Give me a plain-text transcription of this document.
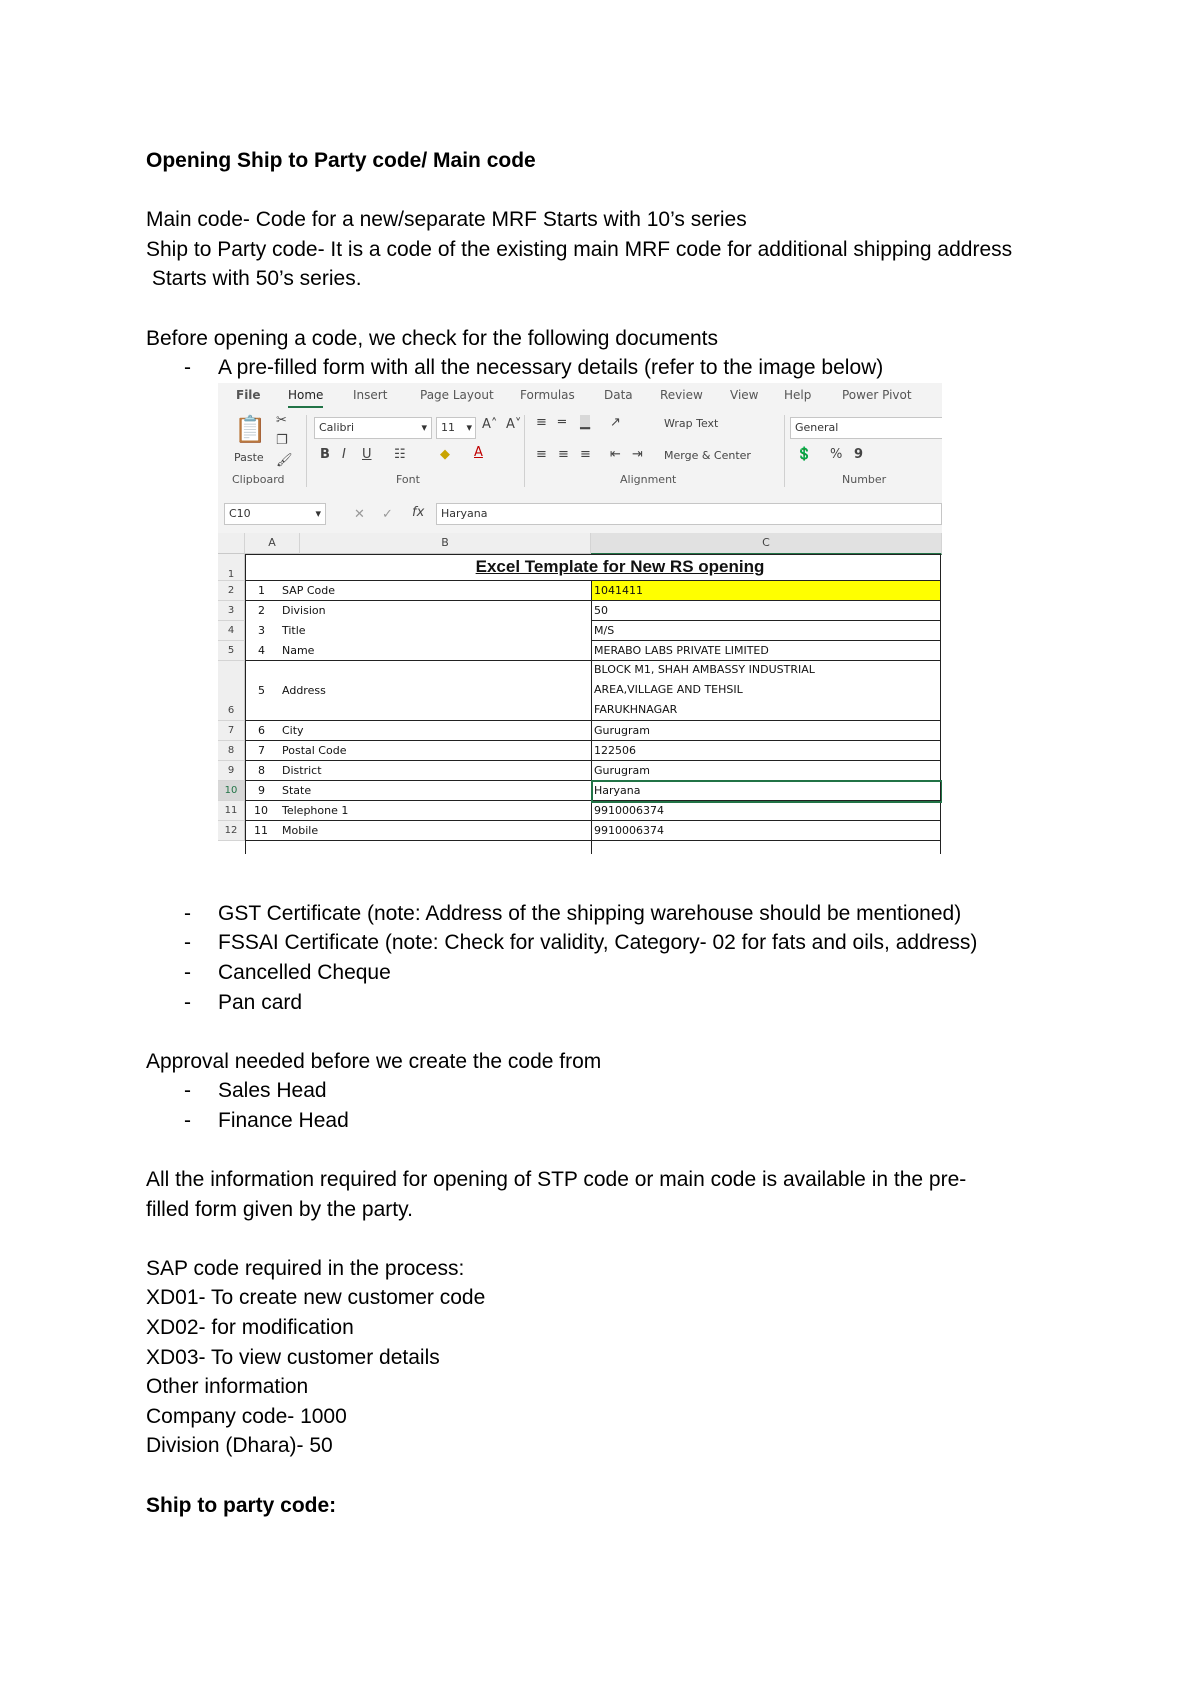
Opening Ship to Party code/ Main code

Main code- Code for a new/separate MRF Starts with 10’s series

Ship to Party code- It is a code of the existing main MRF code for additional shipping address

Starts with 50’s series.

Before opening a code, we check for the following documents

- A pre-filled form with all the necessary details (refer to the image below)

- GST Certificate (note: Address of the shipping warehouse should be mentioned)

- FSSAI Certificate (note: Check for validity, Category- 02 for fats and oils, address)

- Cancelled Cheque

- Pan card

Approval needed before we create the code from

- Sales Head

- Finance Head

All the information required for opening of STP code or main code is available in the pre-

filled form given by the party.

SAP code required in the process:

XD01- To create new customer code

XD02- for modification

XD03- To view customer details

Other information

Company code- 1000

Division (Dhara)- 50

Ship to party code:

File Home Insert	Page Layout Formulas Data Review View Help	Power Pivot
📋
Paste
✂
❐
🖌
Calibri	▾	11 ▾ A˄ A˅
B I U ☷	◆ A
≡ ═ ▁ ↗	Wrap Text
≡ ≡ ≡ ⇤ ⇥ Merge & Center
General
💲 % 9
Clipboard	Font	Alignment	Number
C10	▾	✕ ✓ fx	Haryana
A	B	C
1
2
3
4
5
6
7
8
9
10
11
12
Excel Template for New RS opening
1 SAP Code	1041411
2 Division	50
3 Title	M/S
4 Name	MERABO LABS PRIVATE LIMITED
5 Address
BLOCK M1, SHAH AMBASSY INDUSTRIAL
AREA,VILLAGE AND TEHSIL
FARUKHNAGAR
6 City	Gurugram
7 Postal Code	122506
8 District	Gurugram
9 State	Haryana
10 Telephone 1	9910006374
11 Mobile	9910006374
